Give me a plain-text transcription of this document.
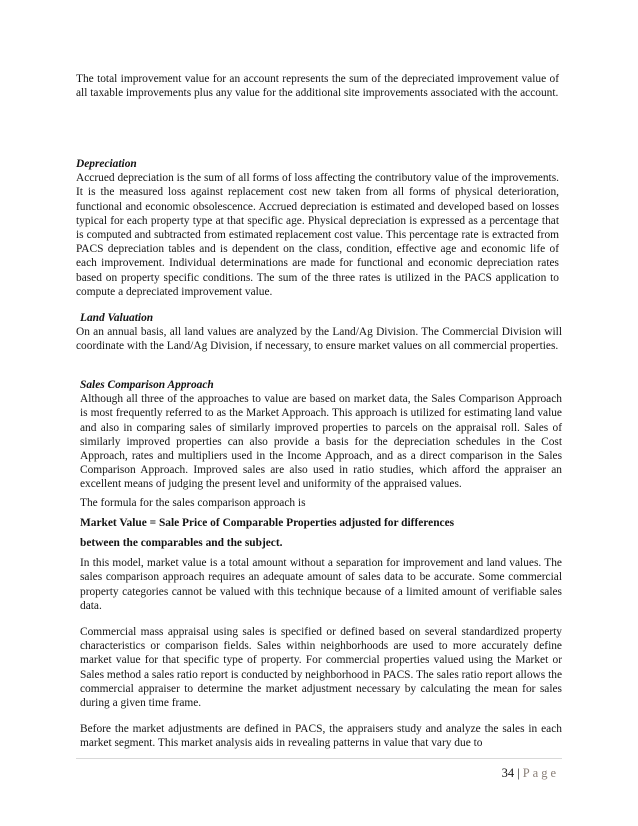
The total improvement value for an account represents the sum of the depreciated improvement value of all taxable improvements plus any value for the additional site improvements associated with the account.

Depreciation

Accrued depreciation is the sum of all forms of loss affecting the contributory value of the improvements. It is the measured loss against replacement cost new taken from all forms of physical deterioration, functional and economic obsolescence. Accrued depreciation is estimated and developed based on losses typical for each property type at that specific age. Physical depreciation is expressed as a percentage that is computed and subtracted from estimated replacement cost value. This percentage rate is extracted from PACS depreciation tables and is dependent on the class, condition, effective age and economic life of each improvement. Individual determinations are made for functional and economic depreciation rates based on property specific conditions. The sum of the three rates is utilized in the PACS application to compute a depreciated improvement value.

Land Valuation

On an annual basis, all land values are analyzed by the Land/Ag Division. The Commercial Division will coordinate with the Land/Ag Division, if necessary, to ensure market values on all commercial properties.

Sales Comparison Approach

Although all three of the approaches to value are based on market data, the Sales Comparison Approach is most frequently referred to as the Market Approach. This approach is utilized for estimating land value and also in comparing sales of similarly improved properties to parcels on the appraisal roll. Sales of similarly improved properties can also provide a basis for the depreciation schedules in the Cost Approach, rates and multipliers used in the Income Approach, and as a direct comparison in the Sales Comparison Approach. Improved sales are also used in ratio studies, which afford the appraiser an excellent means of judging the present level and uniformity of the appraised values.

The formula for the sales comparison approach is

Market Value = Sale Price of Comparable Properties adjusted for differences

between the comparables and the subject.

In this model, market value is a total amount without a separation for improvement and land values. The sales comparison approach requires an adequate amount of sales data to be accurate. Some commercial property categories cannot be valued with this technique because of a limited amount of verifiable sales data.

Commercial mass appraisal using sales is specified or defined based on several standardized property characteristics or comparison fields. Sales within neighborhoods are used to more accurately define market value for that specific type of property. For commercial properties valued using the Market or Sales method a sales ratio report is conducted by neighborhood in PACS. The sales ratio report allows the commercial appraiser to determine the market adjustment necessary by calculating the mean for sales during a given time frame.

Before the market adjustments are defined in PACS, the appraisers study and analyze the sales in each market segment. This market analysis aids in revealing patterns in value that vary due to

34 | Page
